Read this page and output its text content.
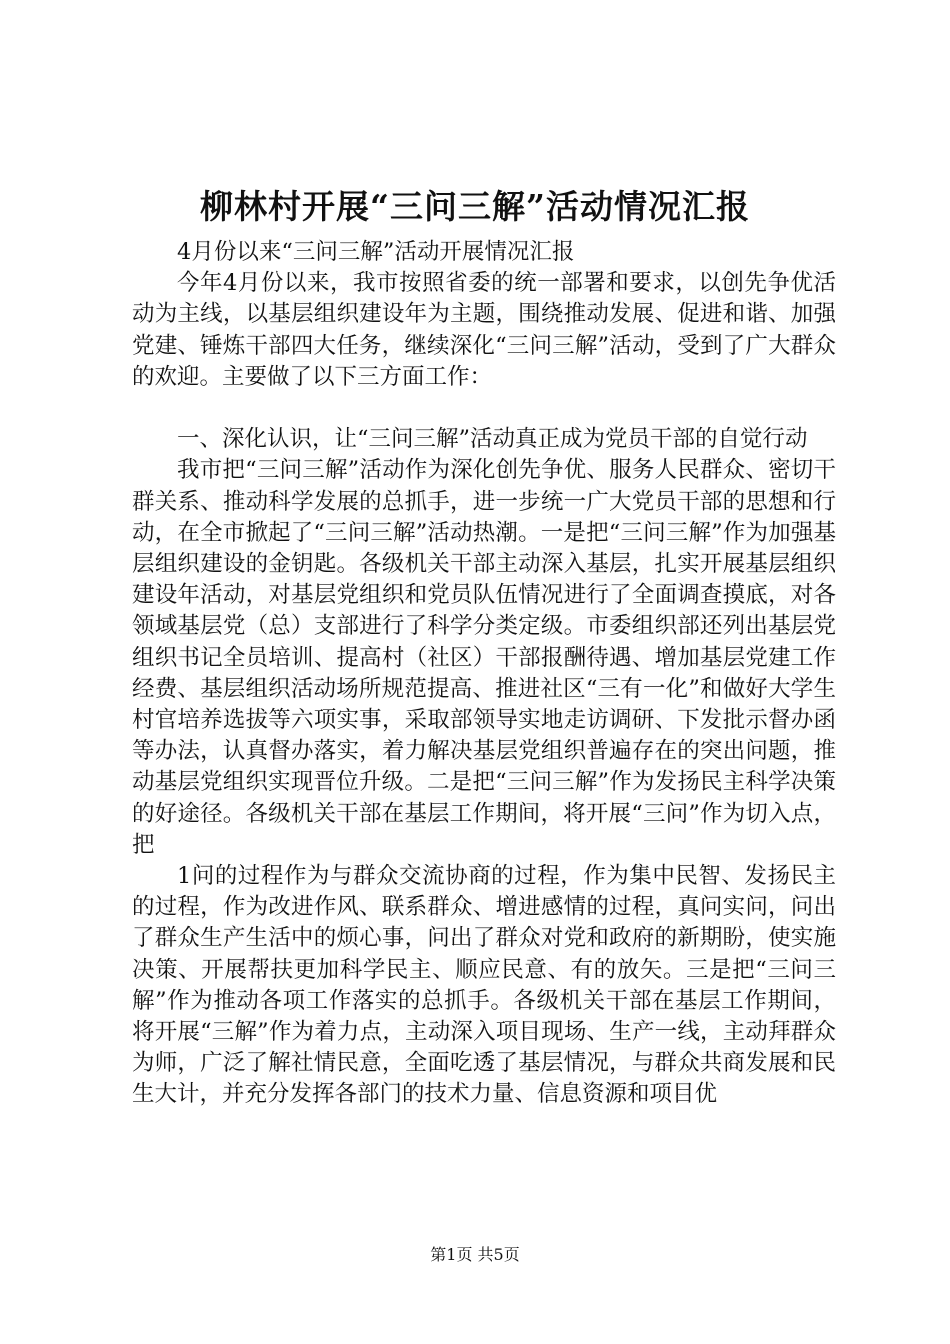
柳林村开展“三问三解”活动情况汇报

4月份以来“三问三解”活动开展情况汇报

今年4月份以来，我市按照省委的统一部署和要求，以创先争优活动为主线，以基层组织建设年为主题，围绕推动发展、促进和谐、加强党建、锤炼干部四大任务，继续深化“三问三解”活动，受到了广大群众的欢迎。主要做了以下三方面工作：

一、深化认识，让“三问三解”活动真正成为党员干部的自觉行动

我市把“三问三解”活动作为深化创先争优、服务人民群众、密切干群关系、推动科学发展的总抓手，进一步统一广大党员干部的思想和行动，在全市掀起了“三问三解”活动热潮。一是把“三问三解”作为加强基层组织建设的金钥匙。各级机关干部主动深入基层，扎实开展基层组织建设年活动，对基层党组织和党员队伍情况进行了全面调查摸底，对各领域基层党（总）支部进行了科学分类定级。市委组织部还列出基层党组织书记全员培训、提高村（社区）干部报酬待遇、增加基层党建工作经费、基层组织活动场所规范提高、推进社区“三有一化”和做好大学生村官培养选拔等六项实事，采取部领导实地走访调研、下发批示督办函等办法，认真督办落实，着力解决基层党组织普遍存在的突出问题，推动基层党组织实现晋位升级。二是把“三问三解”作为发扬民主科学决策的好途径。各级机关干部在基层工作期间，将开展“三问”作为切入点，把

1问的过程作为与群众交流协商的过程，作为集中民智、发扬民主的过程，作为改进作风、联系群众、增进感情的过程，真问实问，问出了群众生产生活中的烦心事，问出了群众对党和政府的新期盼，使实施决策、开展帮扶更加科学民主、顺应民意、有的放矢。三是把“三问三解”作为推动各项工作落实的总抓手。各级机关干部在基层工作期间，将开展“三解”作为着力点，主动深入项目现场、生产一线，主动拜群众为师，广泛了解社情民意，全面吃透了基层情况，与群众共商发展和民生大计，并充分发挥各部门的技术力量、信息资源和项目优

第1页 共5页
